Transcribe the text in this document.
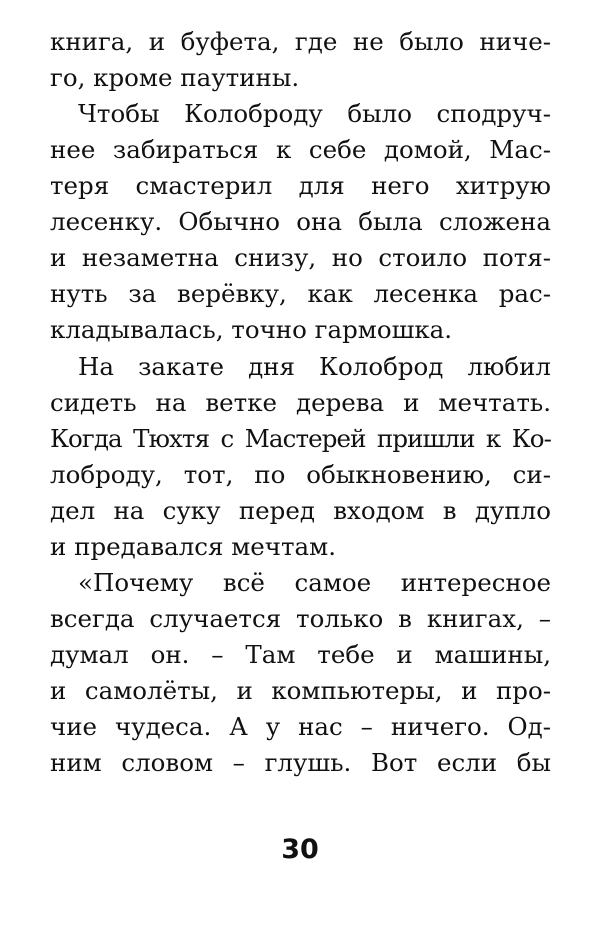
книга, и буфета, где не было ниче-
го, кроме паутины.
Чтобы Колоброду было сподруч-
нее забираться к себе домой, Мас-
теря смастерил для него хитрую
лесенку. Обычно она была сложена
и незаметна снизу, но стоило потя-
нуть за верёвку, как лесенка рас-
кладывалась, точно гармошка.
На закате дня Колоброд любил
сидеть на ветке дерева и мечтать.
Когда Тюхтя с Мастерей пришли к Ко-
лоброду, тот, по обыкновению, си-
дел на суку перед входом в дупло
и предавался мечтам.
«Почему всё самое интересное
всегда случается только в книгах, –
думал он. – Там тебе и машины,
и самолёты, и компьютеры, и про-
чие чудеса. А у нас – ничего. Од-
ним словом – глушь. Вот если бы
30
